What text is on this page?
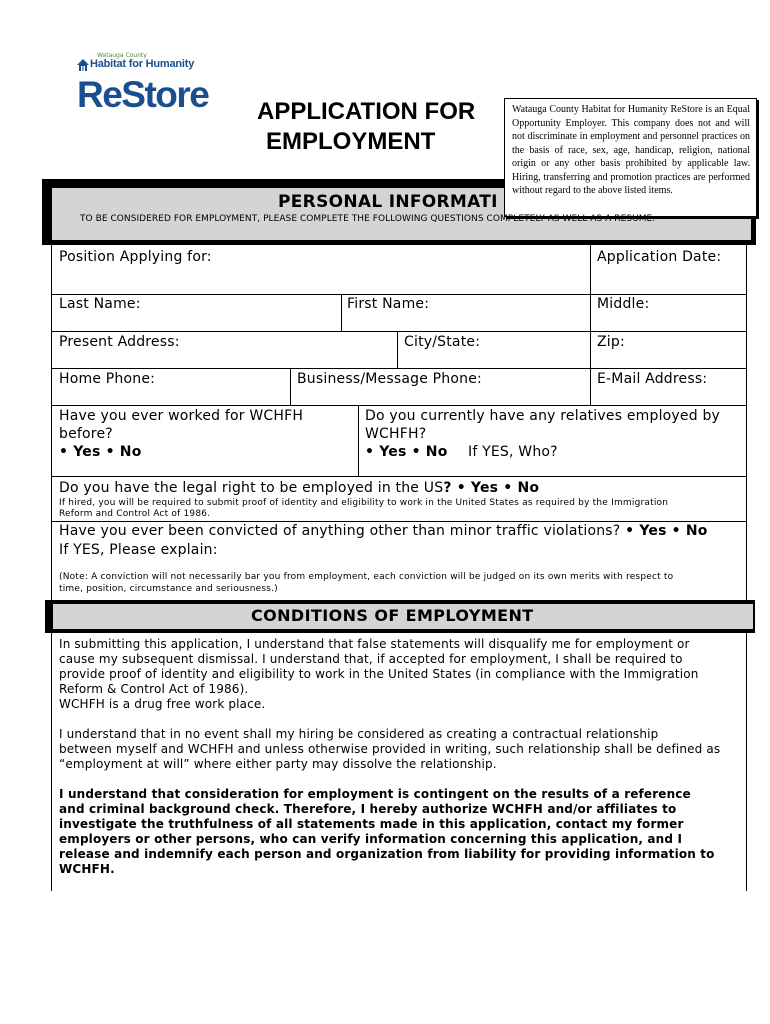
Watauga County
Habitat for Humanity
ReStore APPLICATION FOR
EMPLOYMENT
PERSONAL INFORMATI
TO BE CONSIDERED FOR EMPLOYMENT, PLEASE COMPLETE THE FOLLOWING QUESTIONS COMPLETELY AS WELL AS A RESUME.
Watauga County Habitat for Humanity ReStore is an Equal Opportunity Employer. This company does not and will not discriminate in employment and personnel practices on the basis of race, sex, age, handicap, religion, national origin or any other basis prohibited by applicable law. Hiring, transferring and promotion practices are performed without regard to the above listed items.
Position Applying for:	Application Date:
Last Name:	First Name:	Middle:
Present Address:	City/State:	Zip:
Home Phone:	Business/Message Phone:	E-Mail Address:
Have you ever worked for WCHFH
before?
• Yes • No
Do you currently have any relatives employed by
WCHFH?
• Yes • No If YES, Who?
Do you have the legal right to be employed in the US? • Yes • No
If hired, you will be required to submit proof of identity and eligibility to work in the United States as required by the Immigration
Reform and Control Act of 1986.
Have you ever been convicted of anything other than minor traffic violations? • Yes • No
If YES, Please explain:
(Note: A conviction will not necessarily bar you from employment, each conviction will be judged on its own merits with respect to
time, position, circumstance and seriousness.)
CONDITIONS OF EMPLOYMENT
In submitting this application, I understand that false statements will disqualify me for employment or
cause my subsequent dismissal. I understand that, if accepted for employment, I shall be required to
provide proof of identity and eligibility to work in the United States (in compliance with the Immigration
Reform & Control Act of 1986).
WCHFH is a drug free work place.
I understand that in no event shall my hiring be considered as creating a contractual relationship
between myself and WCHFH and unless otherwise provided in writing, such relationship shall be defined as
“employment at will” where either party may dissolve the relationship.
I understand that consideration for employment is contingent on the results of a reference
and criminal background check. Therefore, I hereby authorize WCHFH and/or affiliates to
investigate the truthfulness of all statements made in this application, contact my former
employers or other persons, who can verify information concerning this application, and I
release and indemnify each person and organization from liability for providing information to
WCHFH.
